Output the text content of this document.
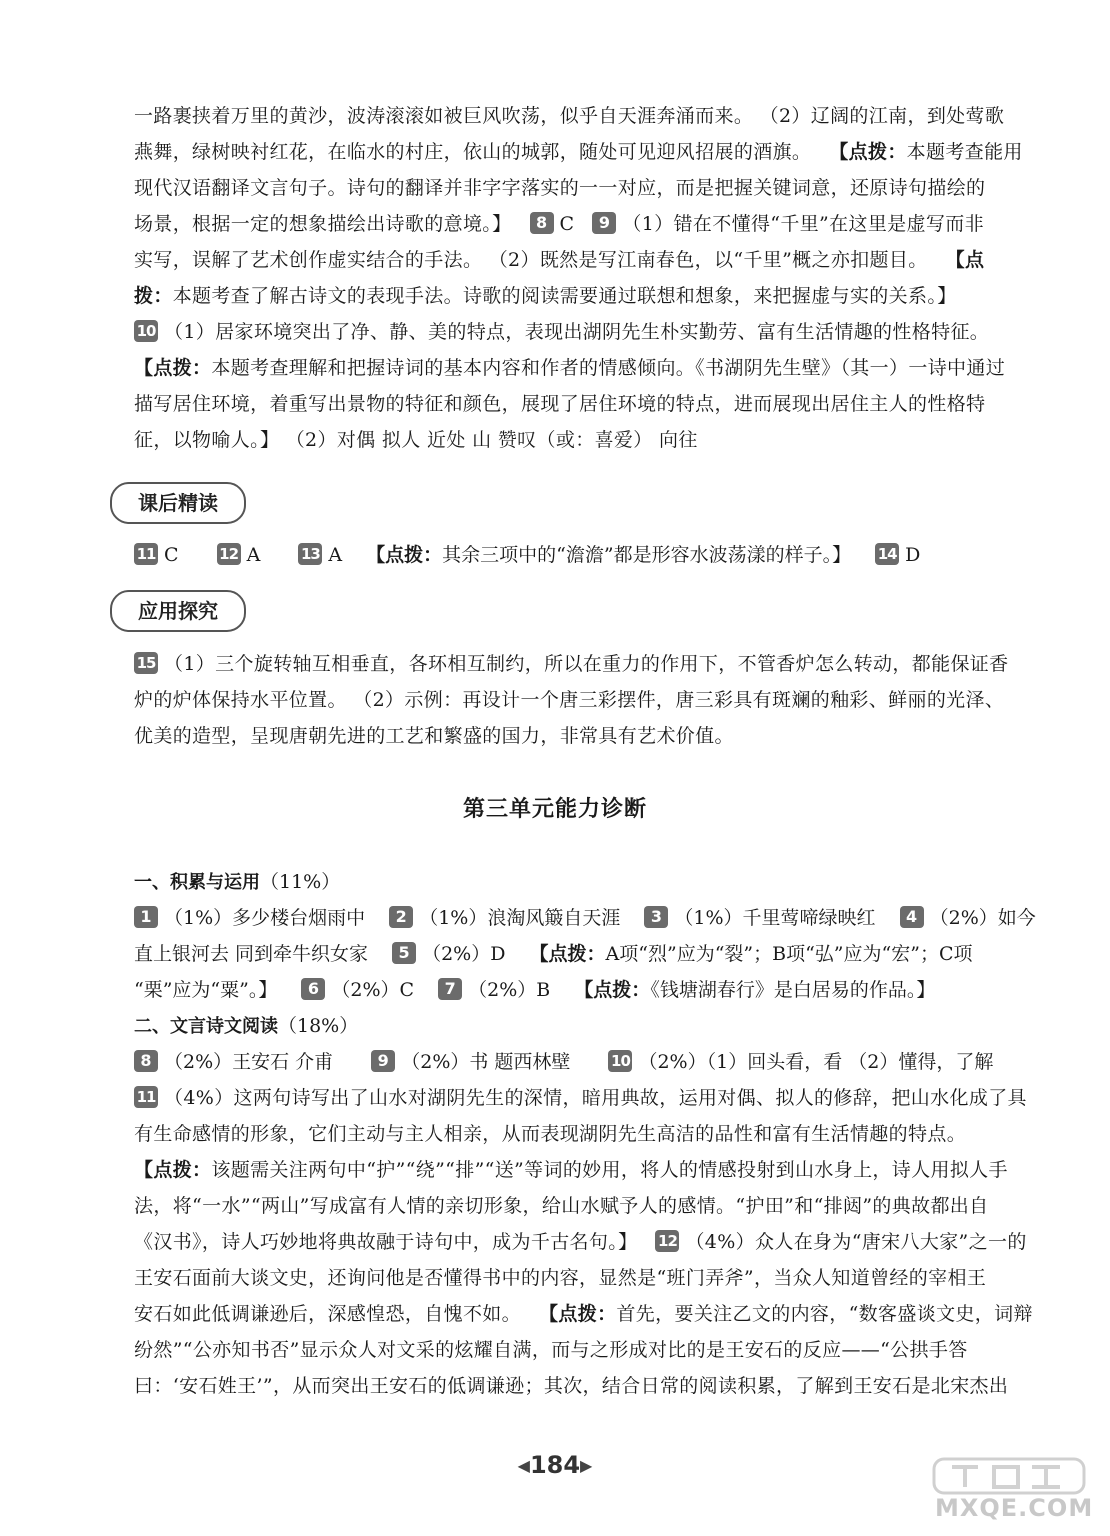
一路裹挟着万里的黄沙，波涛滚滚如被巨风吹荡，似乎自天涯奔涌而来。 （2）辽阔的江南，到处莺歌
燕舞，绿树映衬红花，在临水的村庄，依山的城郭，随处可见迎风招展的酒旗。 【点拨：本题考查能用
现代汉语翻译文言句子。诗句的翻译并非字字落实的一一对应，而是把握关键词意，还原诗句描绘的
场景，根据一定的想象描绘出诗歌的意境。】 8 C 9 （1）错在不懂得“千里”在这里是虚写而非
实写，误解了艺术创作虚实结合的手法。 （2）既然是写江南春色，以“千里”概之亦扣题目。 【点
拨：本题考查了解古诗文的表现手法。诗歌的阅读需要通过联想和想象，来把握虚与实的关系。】
10 （1）居家环境突出了净、静、美的特点，表现出湖阴先生朴实勤劳、富有生活情趣的性格特征。
【点拨：本题考查理解和把握诗词的基本内容和作者的情感倾向。《书湖阴先生壁》（其一）一诗中通过
描写居住环境，着重写出景物的特征和颜色，展现了居住环境的特点，进而展现出居住主人的性格特
征，以物喻人。】 （2）对偶 拟人 近处 山 赞叹（或：喜爱） 向往
课后精读
11 C	12 A	13 A 【点拨：其余三项中的“澹澹”都是形容水波荡漾的样子。】 14 D
应用探究
15 （1）三个旋转轴互相垂直，各环相互制约，所以在重力的作用下，不管香炉怎么转动，都能保证香
炉的炉体保持水平位置。 （2）示例：再设计一个唐三彩摆件，唐三彩具有斑斓的釉彩、鲜丽的光泽、
优美的造型，呈现唐朝先进的工艺和繁盛的国力，非常具有艺术价值。
第三单元能力诊断
一、积累与运用（11%）
1 （1%）多少楼台烟雨中 2 （1%）浪淘风簸自天涯 3 （1%）千里莺啼绿映红 4 （2%）如今
直上银河去 同到牵牛织女家 5 （2%）D 【点拨：A项“烈”应为“裂”；B项“弘”应为“宏”；C项
“栗”应为“粟”。】 6 （2%）C 7 （2%）B 【点拨：《钱塘湖春行》是白居易的作品。】
二、文言诗文阅读（18%）
8 （2%）王安石 介甫	9 （2%）书 题西林壁	10 （2%）（1）回头看，看 （2）懂得，了解
11 （4%）这两句诗写出了山水对湖阴先生的深情，暗用典故，运用对偶、拟人的修辞，把山水化成了具
有生命感情的形象，它们主动与主人相亲，从而表现湖阴先生高洁的品性和富有生活情趣的特点。
【点拨：该题需关注两句中“护”“绕”“排”“送”等词的妙用，将人的情感投射到山水身上，诗人用拟人手
法，将“一水”“两山”写成富有人情的亲切形象，给山水赋予人的感情。“护田”和“排闼”的典故都出自
《汉书》，诗人巧妙地将典故融于诗句中，成为千古名句。】 12 （4%）众人在身为“唐宋八大家”之一的
王安石面前大谈文史，还询问他是否懂得书中的内容，显然是“班门弄斧”，当众人知道曾经的宰相王
安石如此低调谦逊后，深感惶恐，自愧不如。 【点拨：首先，要关注乙文的内容，“数客盛谈文史，词辩
纷然”“公亦知书否”显示众人对文采的炫耀自满，而与之形成对比的是王安石的反应——“公拱手答
曰：‘安石姓王’”，从而突出王安石的低调谦逊；其次，结合日常的阅读积累，了解到王安石是北宋杰出
◀184▶
MXQE.COM
